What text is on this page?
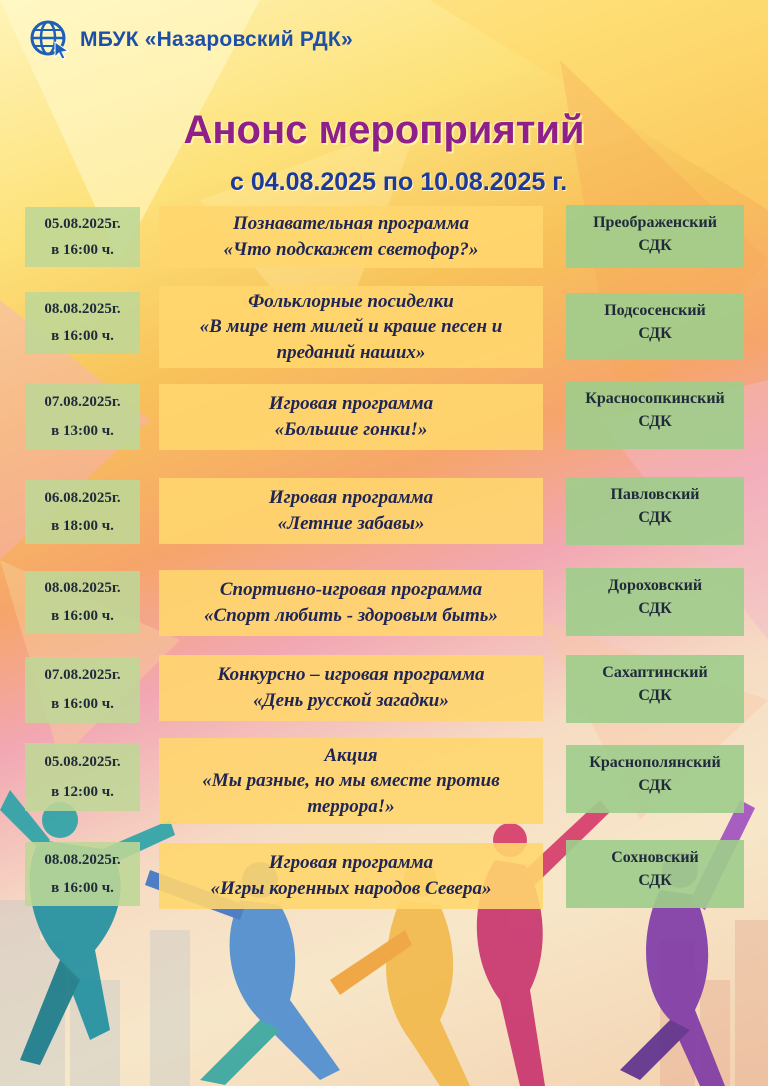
МБУК «Назаровский РДК»
Анонс мероприятий
с 04.08.2025 по 10.08.2025 г.
05.08.2025г.
в 16:00 ч.
Познавательная программа
«Что подскажет светофор?»
Преображенский
СДК
08.08.2025г.
в 16:00 ч.
Фольклорные посиделки
«В мире нет милей и краше песен и
преданий наших»
Подсосенский
СДК
07.08.2025г.
в 13:00 ч.
Игровая программа
«Большие гонки!»
Красносопкинский
СДК
06.08.2025г.
в 18:00 ч.
Игровая программа
«Летние забавы»
Павловский
СДК
08.08.2025г.
в 16:00 ч.
Спортивно-игровая программа
«Спорт любить - здоровым быть»
Дороховский
СДК
07.08.2025г.
в 16:00 ч.
Конкурсно – игровая программа
«День русской загадки»
Сахаптинский
СДК
05.08.2025г.
в 12:00 ч.
Акция
«Мы разные, но мы вместе против
террора!»
Краснополянский
СДК
08.08.2025г.
в 16:00 ч.
Игровая программа
«Игры коренных народов Севера»
Сохновский
СДК
